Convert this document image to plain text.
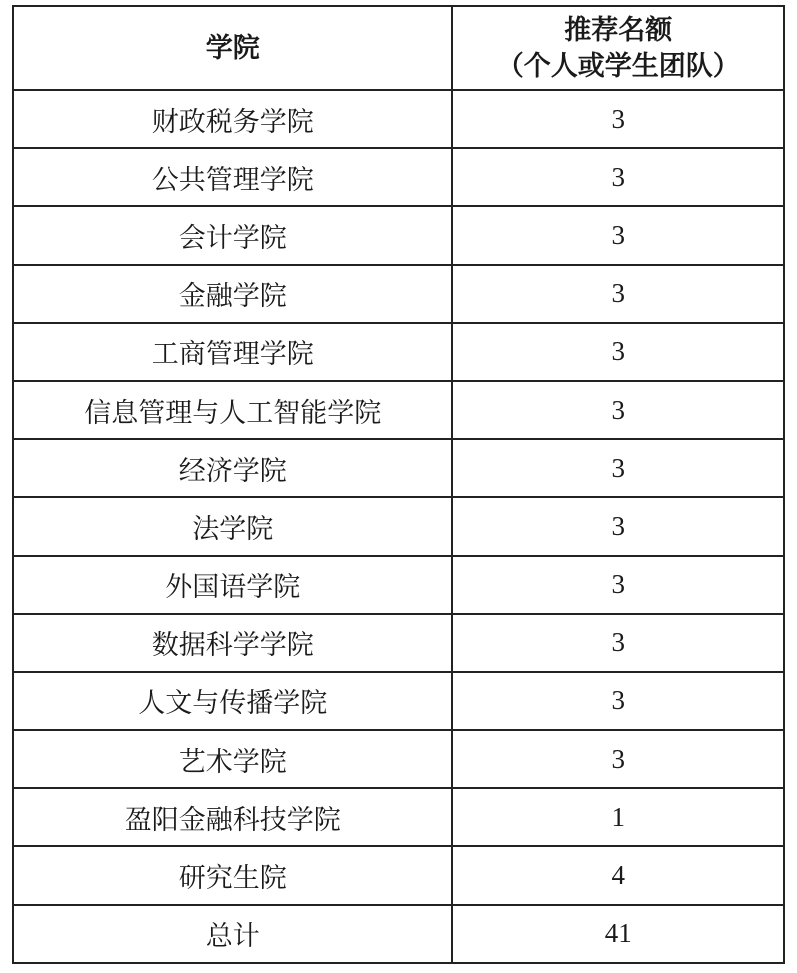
学院	推荐名额
（个人或学生团队）

财政税务学院	3
公共管理学院	3
会计学院	3
金融学院	3
工商管理学院	3
信息管理与人工智能学院	3
经济学院	3
法学院	3
外国语学院	3
数据科学学院	3
人文与传播学院	3
艺术学院	3
盈阳金融科技学院	1
研究生院	4
总计	41
